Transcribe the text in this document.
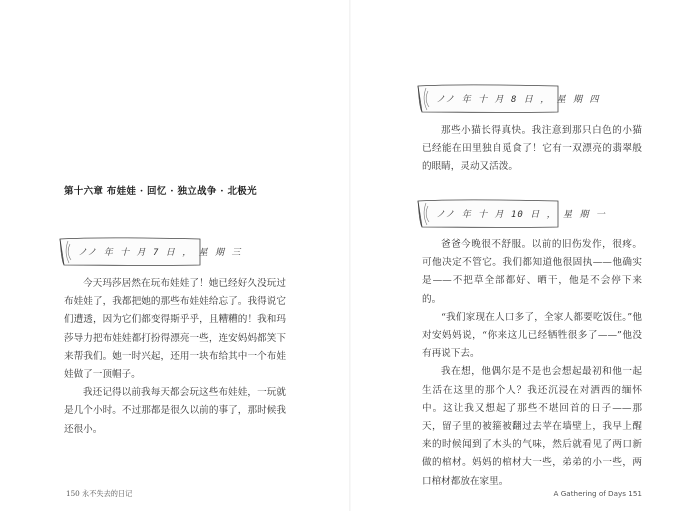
第十六章 布娃娃 · 回忆 · 独立战争 · 北极光
ノノ 年 十 月 7 日 ， 星 期 三

今天玛莎居然在玩布娃娃了！她已经好久没玩过布娃娃了，我都把她的那些布娃娃给忘了。我得说它们遭透，因为它们都变得斯乎乎，且糟糟的！我和玛莎导力把布娃娃都打扮得漂亮一些，连安妈妈都笑下来帮我们。她一时兴起，还用一块布给其中一个布娃娃做了一顶帽子。

我还记得以前我每天都会玩这些布娃娃，一玩就是几个小时。不过那都是很久以前的事了，那时候我还很小。

150 永不失去的日记

ノノ 年 十 月 8 日 ， 星 期 四

那些小猫长得真快。我注意到那只白色的小猫已经能在田里独自觅食了！它有一双漂亮的翡翠般的眼睛，灵动又活泼。

ノノ 年 十 月 10 日 ， 星 期 一

爸爸今晚很不舒服。以前的旧伤发作，很疼。可他决定不管它。我们都知道他很固执——他确实是——不把草全部都好、晒干，他是不会停下来的。

“我们家现在人口多了，全家人都要吃饭住。”他对安妈妈说，“你来这儿已经牺牲很多了——”他没有再说下去。

我在想，他偶尔是不是也会想起最初和他一起生活在这里的那个人？我还沉浸在对洒西的缅怀中。这让我又想起了那些不堪回首的日子——那天，留子里的被箍被翻过去苹在墙壁上，我早上醒来的时候闻到了木头的气味，然后就看见了两口新做的棺材。妈妈的棺材大一些，弟弟的小一些，两口棺材都放在家里。

A Gathering of Days 151
